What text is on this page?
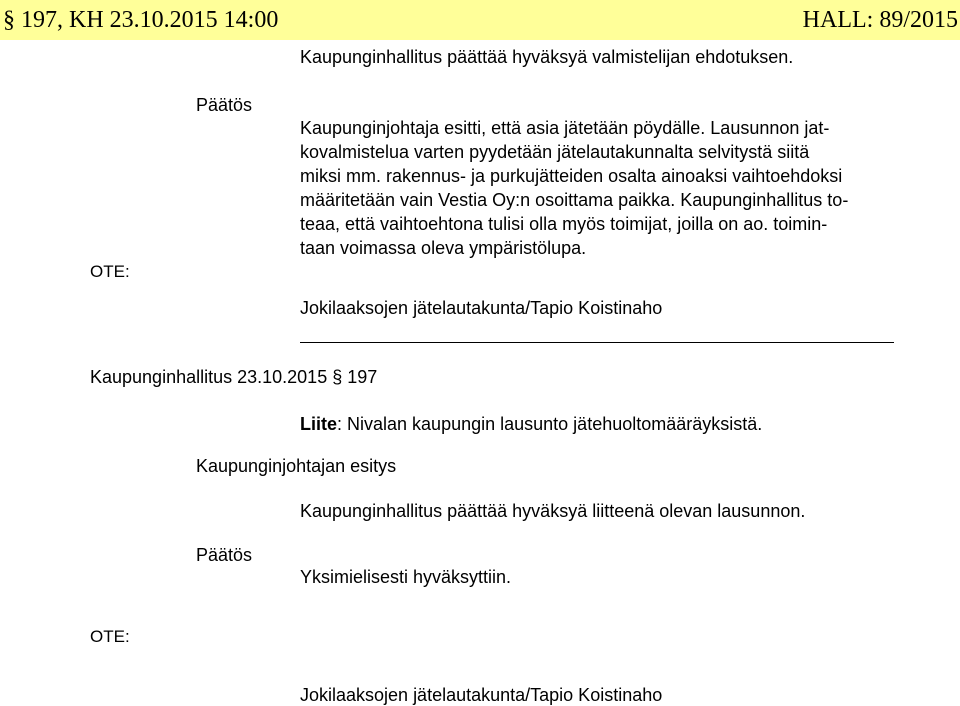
§ 197, KH 23.10.2015 14:00	HALL: 89/2015
Kaupunginhallitus päättää hyväksyä valmistelijan ehdotuksen.
Päätös
Kaupunginjohtaja esitti, että asia jätetään pöydälle. Lausunnon jat-
kovalmistelua varten pyydetään jätelautakunnalta selvitystä siitä
miksi mm. rakennus- ja purkujätteiden osalta ainoaksi vaihtoehdoksi
määritetään vain Vestia Oy:n osoittama paikka. Kaupunginhallitus to-
teaa, että vaihtoehtona tulisi olla myös toimijat, joilla on ao. toimin-
taan voimassa oleva ympäristölupa.
OTE:
Jokilaaksojen jätelautakunta/Tapio Koistinaho
Kaupunginhallitus 23.10.2015 § 197
Liite: Nivalan kaupungin lausunto jätehuoltomääräyksistä.
Kaupunginjohtajan esitys
Kaupunginhallitus päättää hyväksyä liitteenä olevan lausunnon.
Päätös
Yksimielisesti hyväksyttiin.
OTE:
Jokilaaksojen jätelautakunta/Tapio Koistinaho
